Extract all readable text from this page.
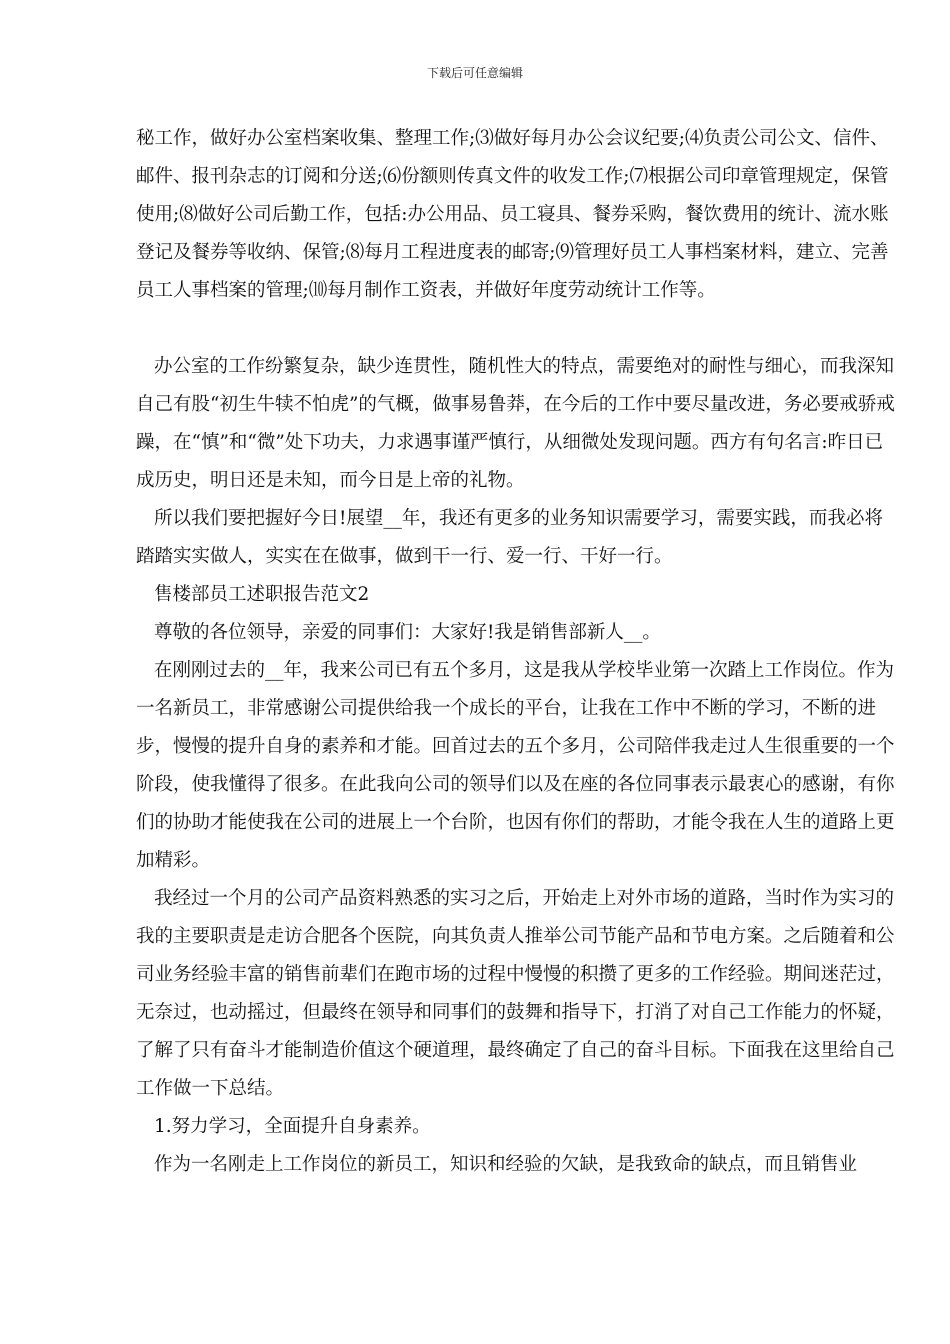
下载后可任意编辑

秘工作，做好办公室档案收集、整理工作;⑶做好每月办公会议纪要;⑷负责公司公文、信件、邮件、报刊杂志的订阅和分送;⑹份额则传真文件的收发工作;⑺根据公司印章管理规定，保管使用;⑻做好公司后勤工作，包括:办公用品、员工寝具、餐券采购，餐饮费用的统计、流水账登记及餐券等收纳、保管;⑻每月工程进度表的邮寄;⑼管理好员工人事档案材料，建立、完善员工人事档案的管理;⑽每月制作工资表，并做好年度劳动统计工作等。

办公室的工作纷繁复杂，缺少连贯性，随机性大的特点，需要绝对的耐性与细心，而我深知自己有股“初生牛犊不怕虎”的气概，做事易鲁莽，在今后的工作中要尽量改进，务必要戒骄戒躁，在“慎”和“微”处下功夫，力求遇事谨严慎行，从细微处发现问题。西方有句名言:昨日已成历史，明日还是未知，而今日是上帝的礼物。

所以我们要把握好今日!展望__年，我还有更多的业务知识需要学习，需要实践，而我必将踏踏实实做人，实实在在做事，做到干一行、爱一行、干好一行。

售楼部员工述职报告范文2

尊敬的各位领导，亲爱的同事们：大家好!我是销售部新人__。

在刚刚过去的__年，我来公司已有五个多月，这是我从学校毕业第一次踏上工作岗位。作为一名新员工，非常感谢公司提供给我一个成长的平台，让我在工作中不断的学习，不断的进步，慢慢的提升自身的素养和才能。回首过去的五个多月，公司陪伴我走过人生很重要的一个阶段，使我懂得了很多。在此我向公司的领导们以及在座的各位同事表示最衷心的感谢，有你们的协助才能使我在公司的进展上一个台阶，也因有你们的帮助，才能令我在人生的道路上更加精彩。

我经过一个月的公司产品资料熟悉的实习之后，开始走上对外市场的道路，当时作为实习的我的主要职责是走访合肥各个医院，向其负责人推举公司节能产品和节电方案。之后随着和公司业务经验丰富的销售前辈们在跑市场的过程中慢慢的积攒了更多的工作经验。期间迷茫过，无奈过，也动摇过，但最终在领导和同事们的鼓舞和指导下，打消了对自己工作能力的怀疑，了解了只有奋斗才能制造价值这个硬道理，最终确定了自己的奋斗目标。下面我在这里给自己工作做一下总结。

1.努力学习，全面提升自身素养。

作为一名刚走上工作岗位的新员工，知识和经验的欠缺，是我致命的缺点，而且销售业
